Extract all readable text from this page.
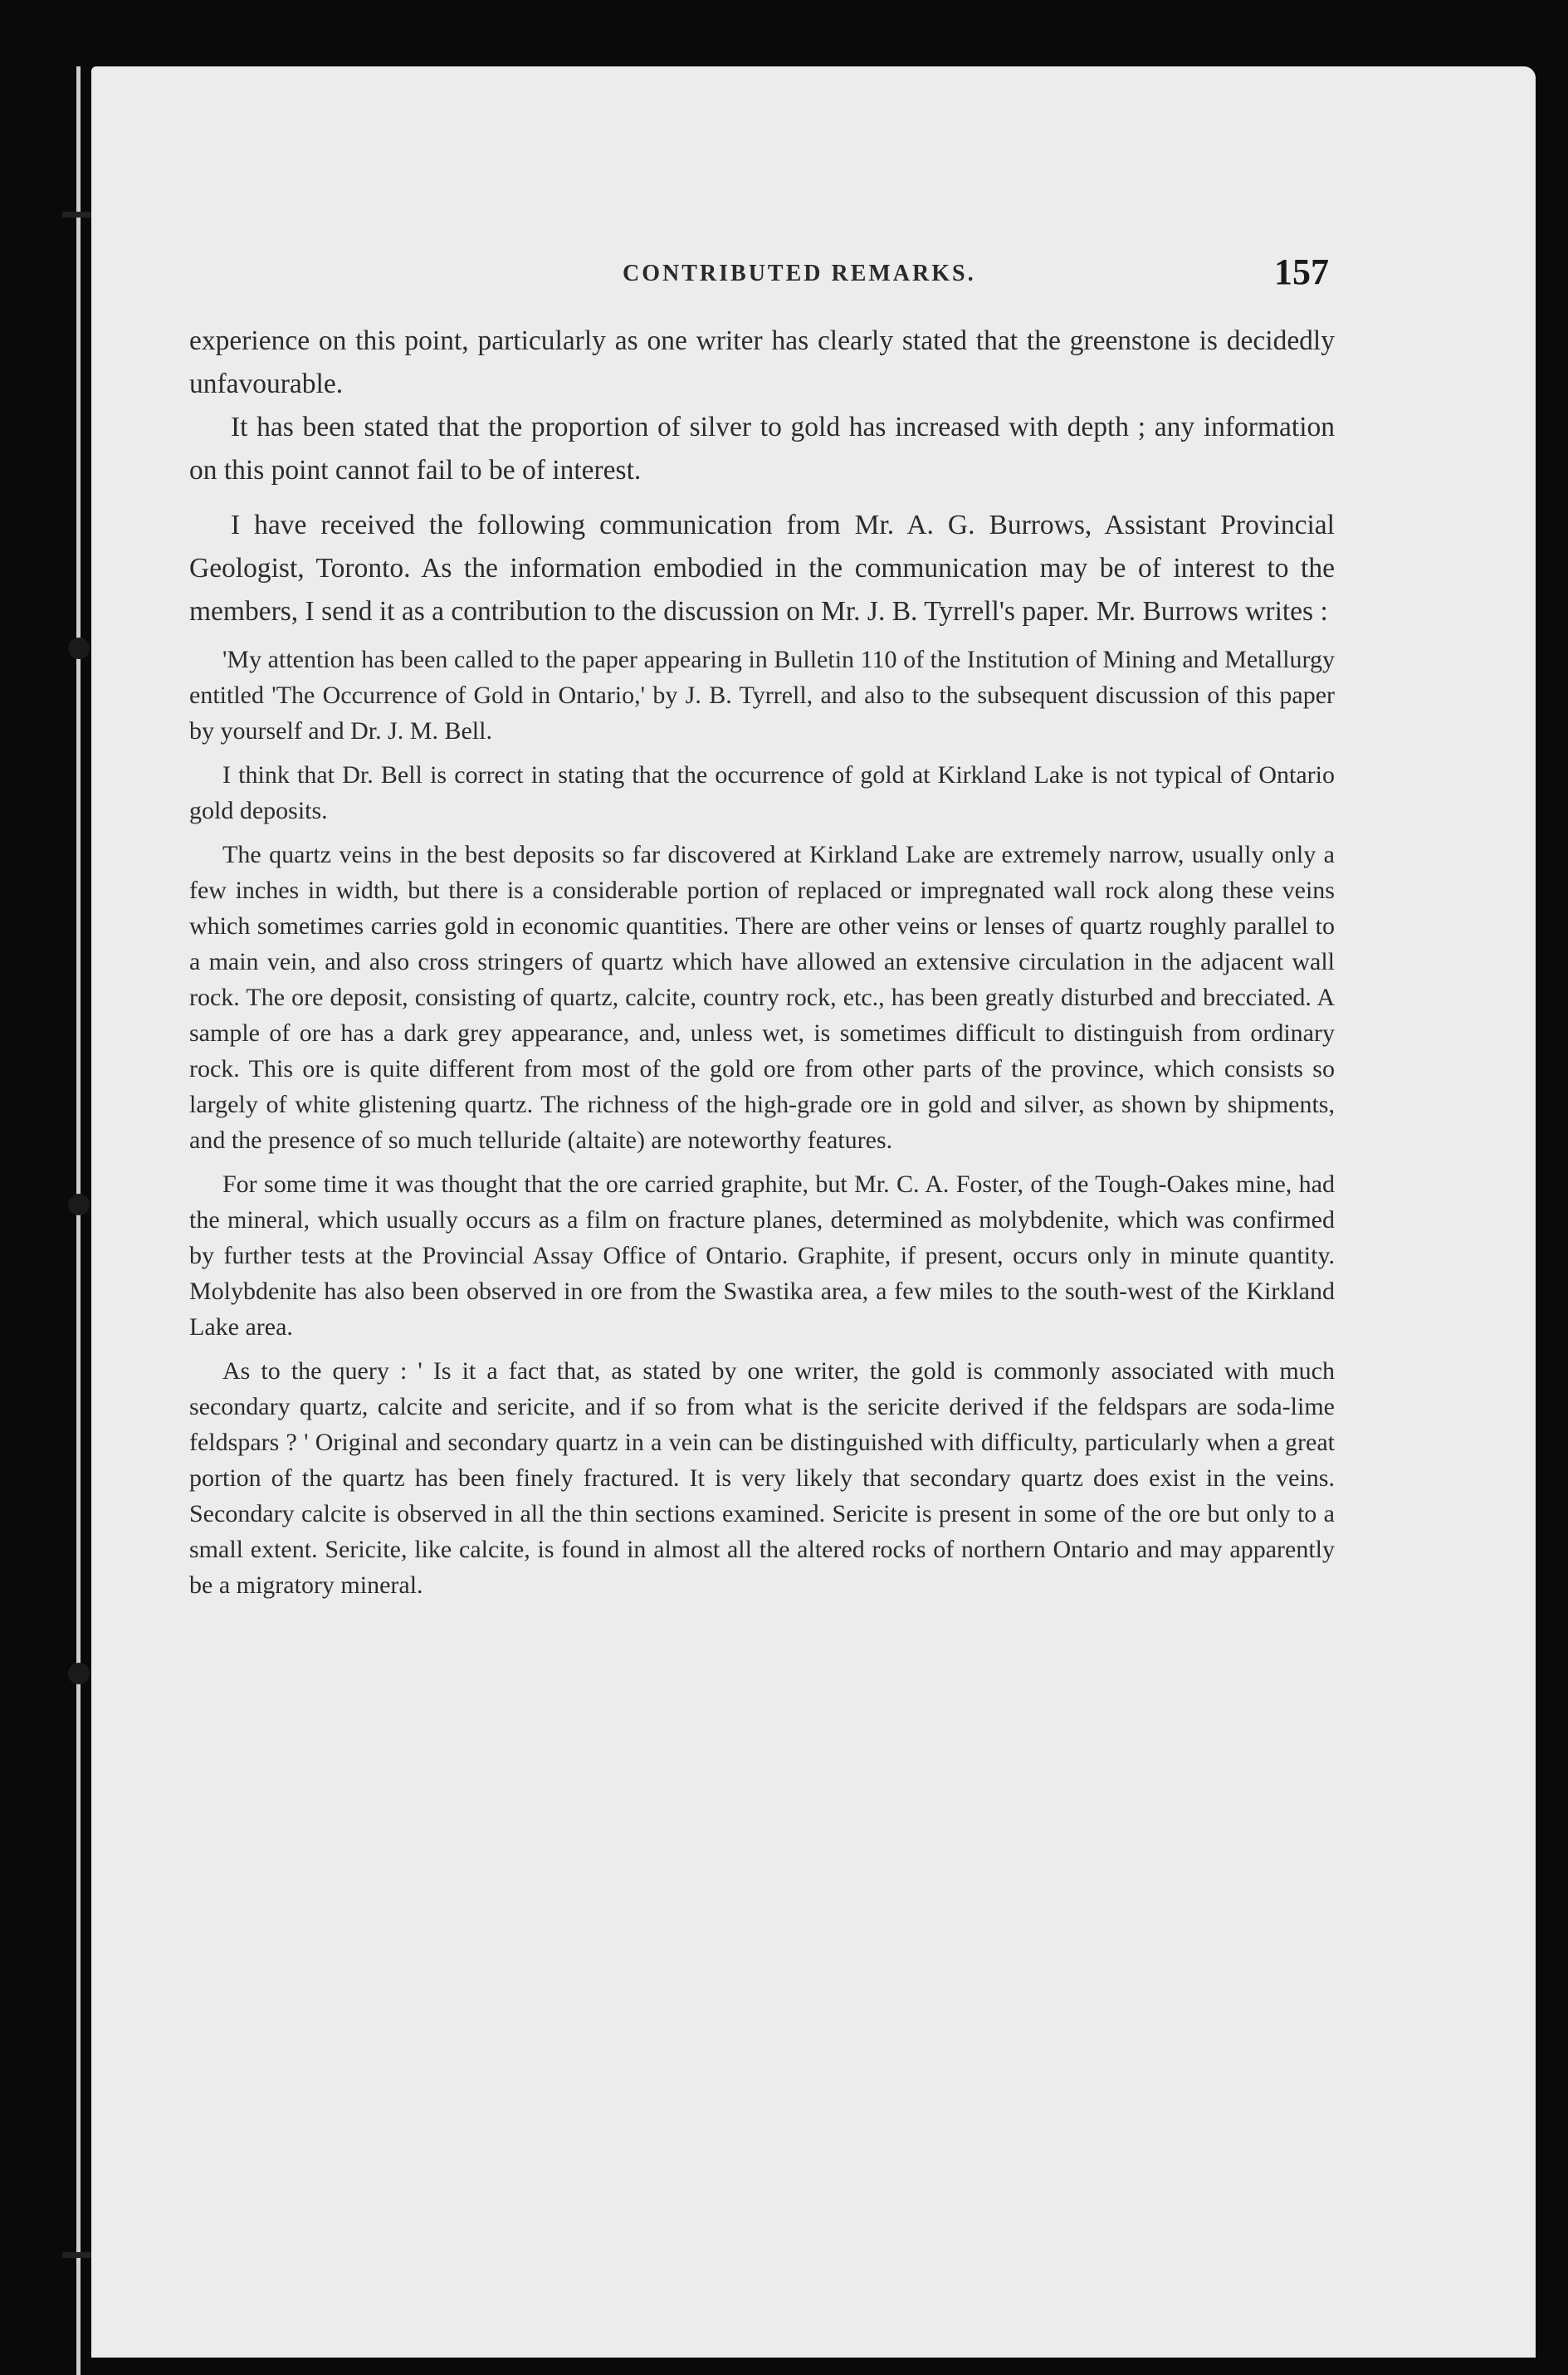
CONTRIBUTED REMARKS.	157

experience on this point, particularly as one writer has clearly stated that the greenstone is decidedly unfavourable.

It has been stated that the proportion of silver to gold has increased with depth ; any information on this point cannot fail to be of interest.

I have received the following communication from Mr. A. G. Burrows, Assistant Provincial Geologist, Toronto. As the information embodied in the communication may be of interest to the members, I send it as a contribution to the discussion on Mr. J. B. Tyrrell's paper. Mr. Burrows writes :

'My attention has been called to the paper appearing in Bulletin 110 of the Institution of Mining and Metallurgy entitled 'The Occurrence of Gold in Ontario,' by J. B. Tyrrell, and also to the subsequent discussion of this paper by yourself and Dr. J. M. Bell.

I think that Dr. Bell is correct in stating that the occurrence of gold at Kirkland Lake is not typical of Ontario gold deposits.

The quartz veins in the best deposits so far discovered at Kirkland Lake are extremely narrow, usually only a few inches in width, but there is a considerable portion of replaced or impregnated wall rock along these veins which sometimes carries gold in economic quantities. There are other veins or lenses of quartz roughly parallel to a main vein, and also cross stringers of quartz which have allowed an extensive circulation in the adjacent wall rock. The ore deposit, consisting of quartz, calcite, country rock, etc., has been greatly disturbed and brecciated. A sample of ore has a dark grey appearance, and, unless wet, is sometimes difficult to distinguish from ordinary rock. This ore is quite different from most of the gold ore from other parts of the province, which consists so largely of white glistening quartz. The richness of the high-grade ore in gold and silver, as shown by shipments, and the presence of so much telluride (altaite) are noteworthy features.

For some time it was thought that the ore carried graphite, but Mr. C. A. Foster, of the Tough-Oakes mine, had the mineral, which usually occurs as a film on fracture planes, determined as molybdenite, which was confirmed by further tests at the Provincial Assay Office of Ontario. Graphite, if present, occurs only in minute quantity. Molybdenite has also been observed in ore from the Swastika area, a few miles to the south-west of the Kirkland Lake area.

As to the query : ' Is it a fact that, as stated by one writer, the gold is commonly associated with much secondary quartz, calcite and sericite, and if so from what is the sericite derived if the feldspars are soda-lime feldspars ? ' Original and secondary quartz in a vein can be distinguished with difficulty, particularly when a great portion of the quartz has been finely fractured. It is very likely that secondary quartz does exist in the veins. Secondary calcite is observed in all the thin sections examined. Sericite is present in some of the ore but only to a small extent. Sericite, like calcite, is found in almost all the altered rocks of northern Ontario and may apparently be a migratory mineral.
